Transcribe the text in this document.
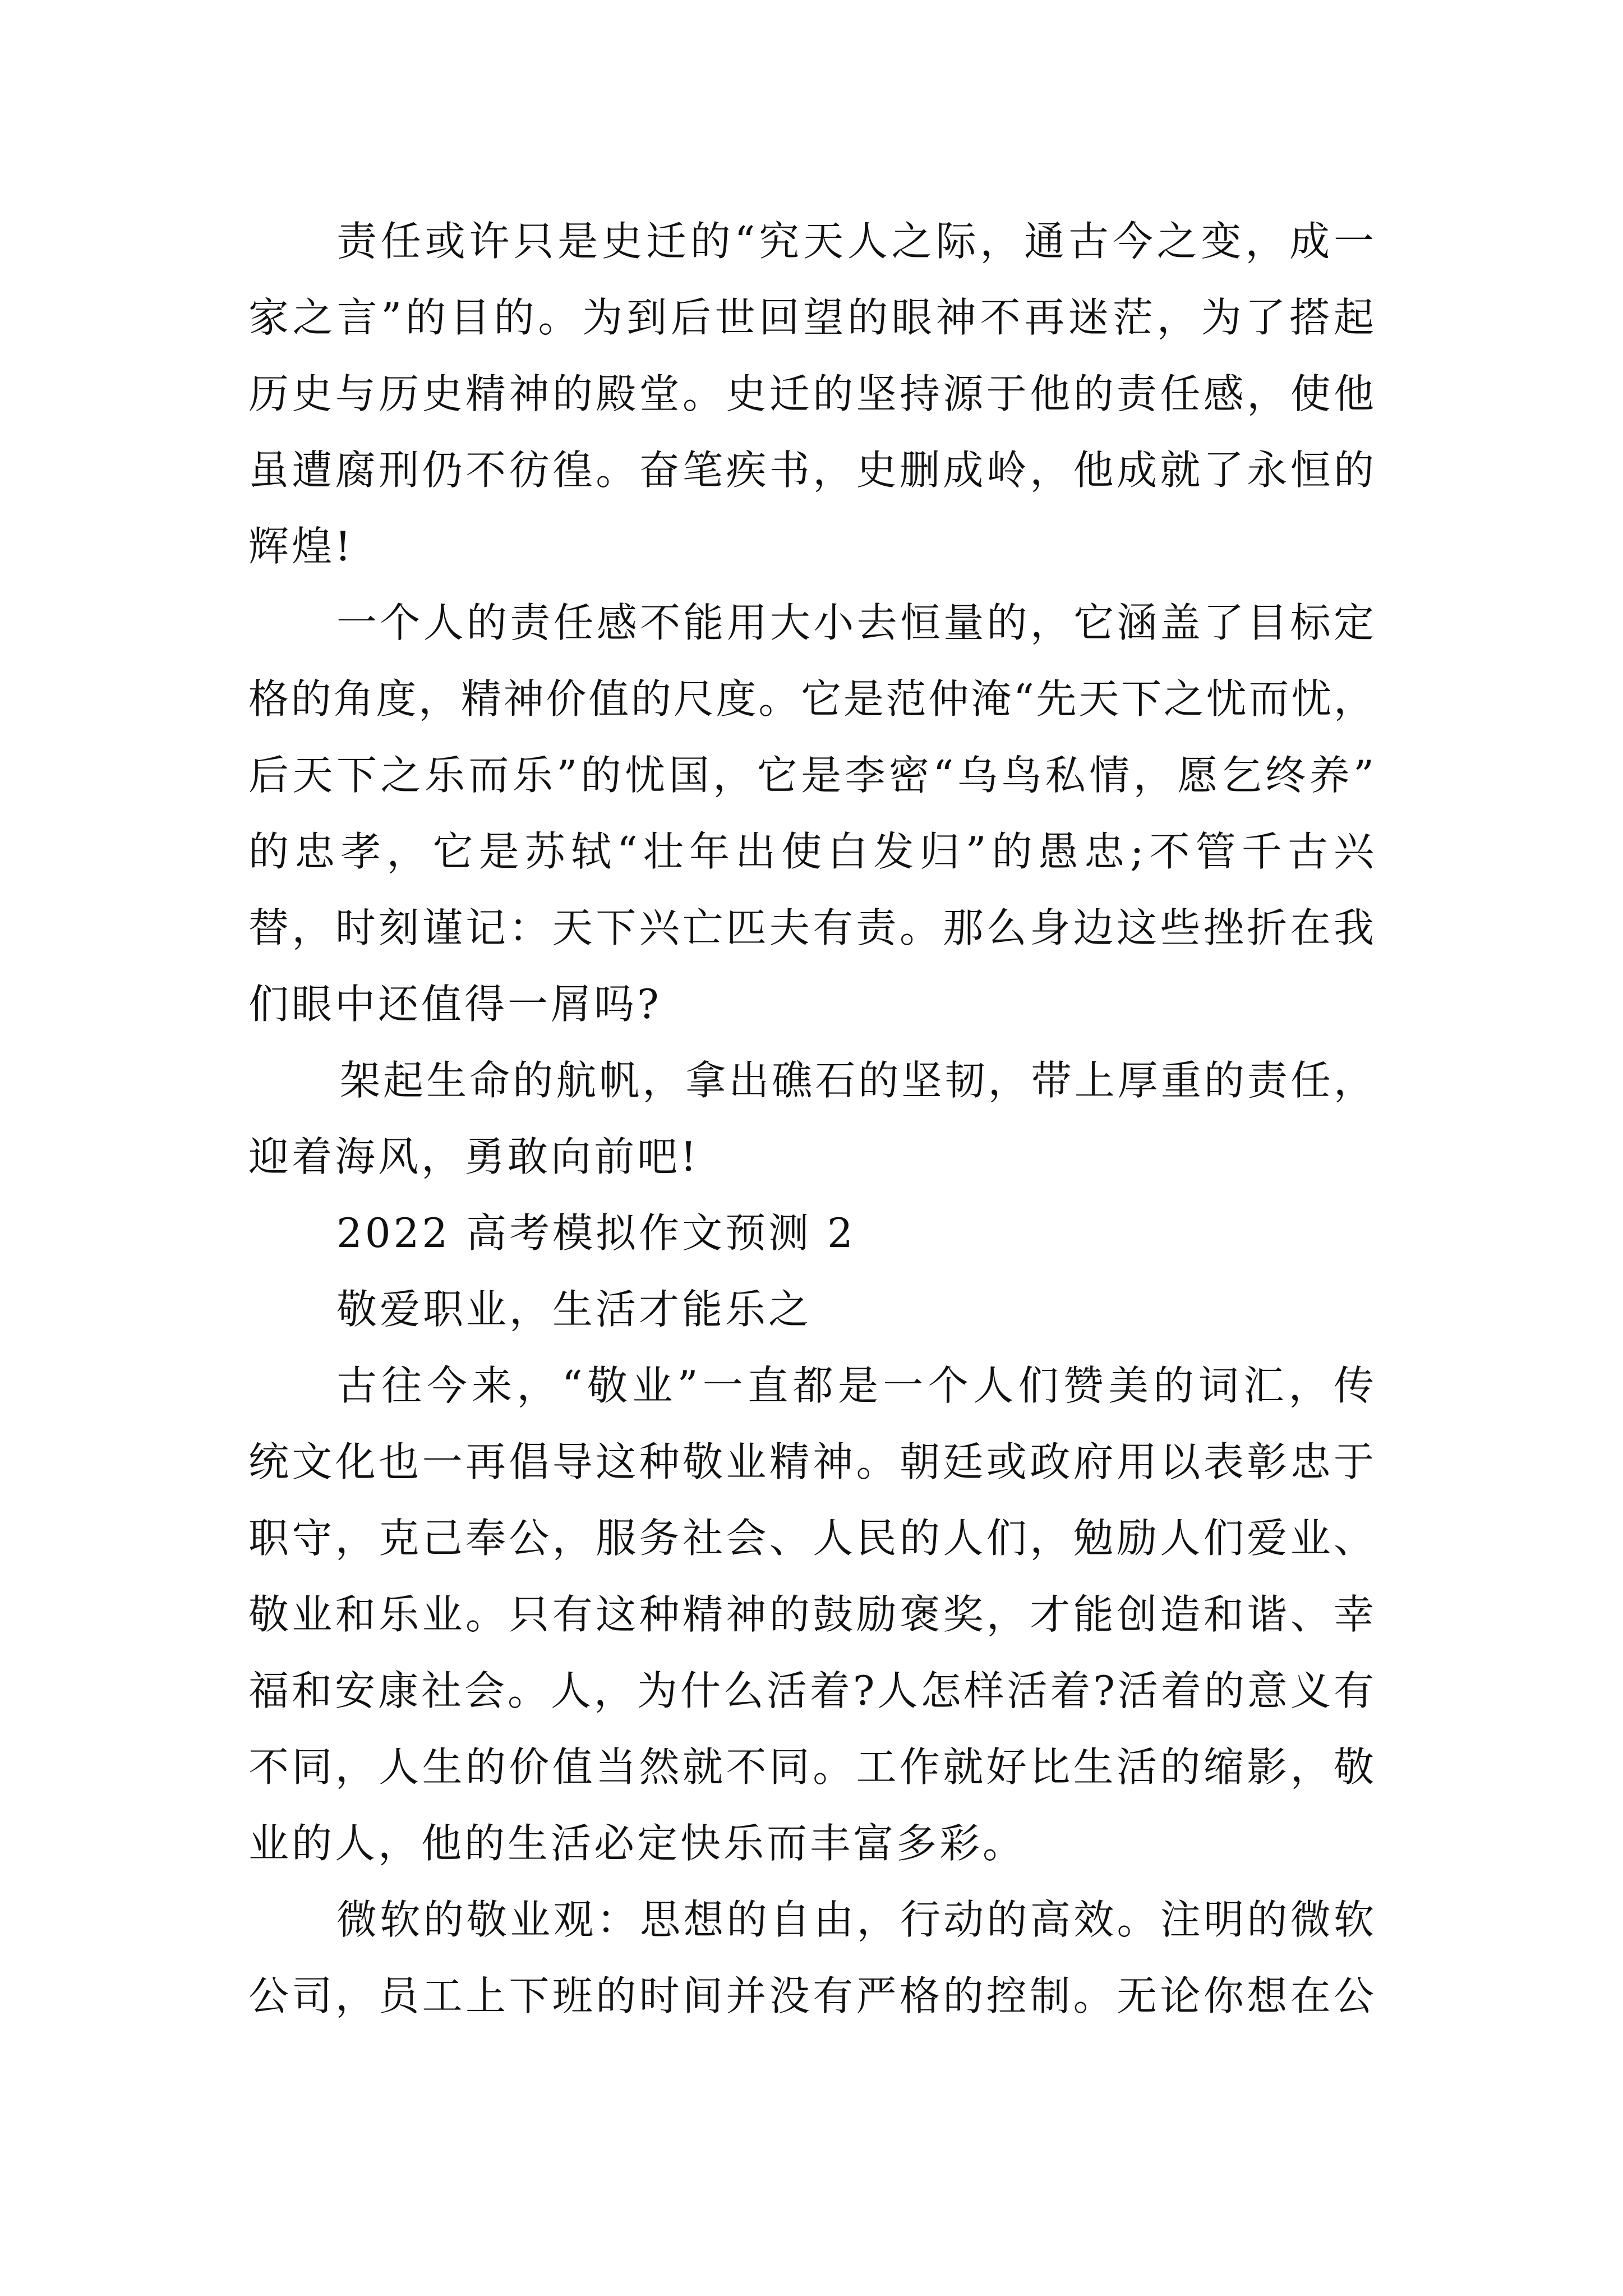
责任或许只是史迁的“究天人之际，通古今之变，成一
家之言”的目的。为到后世回望的眼神不再迷茫，为了搭起
历史与历史精神的殿堂。史迁的坚持源于他的责任感，使他
虽遭腐刑仍不彷徨。奋笔疾书，史删成岭，他成就了永恒的
辉煌!
一个人的责任感不能用大小去恒量的，它涵盖了目标定
格的角度，精神价值的尺度。它是范仲淹“先天下之忧而忧，
后天下之乐而乐”的忧国，它是李密“乌鸟私情，愿乞终养”
的忠孝，它是苏轼“壮年出使白发归”的愚忠;不管千古兴
替，时刻谨记：天下兴亡匹夫有责。那么身边这些挫折在我
们眼中还值得一屑吗?
架起生命的航帆，拿出礁石的坚韧，带上厚重的责任，
迎着海风，勇敢向前吧!
2022 高考模拟作文预测 2
敬爱职业，生活才能乐之
古往今来，“敬业”一直都是一个人们赞美的词汇，传
统文化也一再倡导这种敬业精神。朝廷或政府用以表彰忠于
职守，克己奉公，服务社会、人民的人们，勉励人们爱业、
敬业和乐业。只有这种精神的鼓励褒奖，才能创造和谐、幸
福和安康社会。人，为什么活着?人怎样活着?活着的意义有
不同，人生的价值当然就不同。工作就好比生活的缩影，敬
业的人，他的生活必定快乐而丰富多彩。
微软的敬业观：思想的自由，行动的高效。注明的微软
公司，员工上下班的时间并没有严格的控制。无论你想在公
